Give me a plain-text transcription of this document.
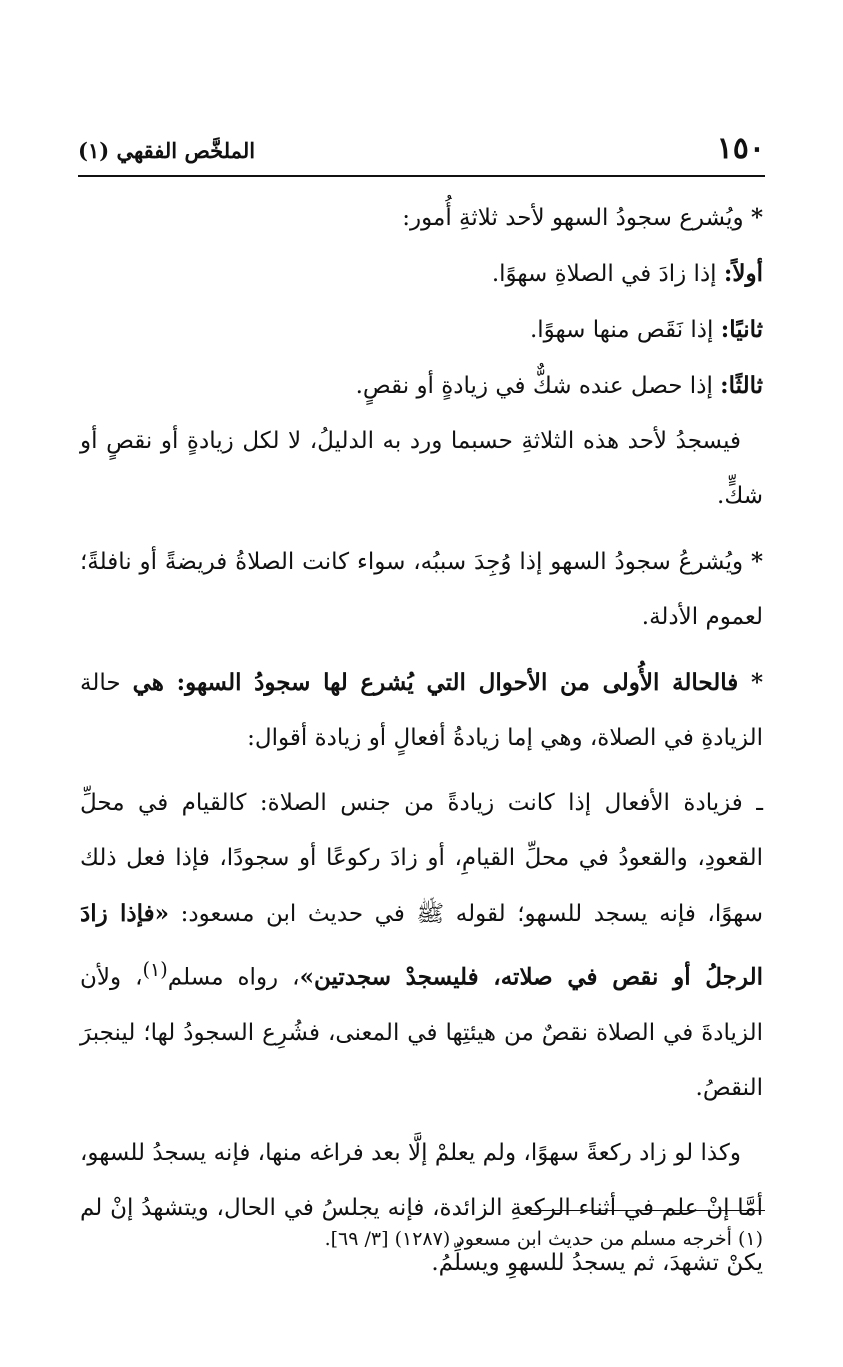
١٥٠
الملخَّص الفقهي (١)

* ويُشرع سجودُ السهو لأحد ثلاثةِ أُمور:

أولاً: إذا زادَ في الصلاةِ سهوًا.

ثانيًا: إذا نَقَص منها سهوًا.

ثالثًا: إذا حصل عنده شكٌّ في زيادةٍ أو نقصٍ.

فيسجدُ لأحد هذه الثلاثةِ حسبما ورد به الدليلُ، لا لكل زيادةٍ أو نقصٍ أو شكٍّ.

* ويُشرعُ سجودُ السهو إذا وُجِدَ سببُه، سواء كانت الصلاةُ فريضةً أو نافلةً؛ لعموم الأدلة.

* فالحالة الأُولى من الأحوال التي يُشرع لها سجودُ السهو: هي حالة الزيادةِ في الصلاة، وهي إما زيادةُ أفعالٍ أو زيادة أقوال:

ـ فزيادة الأفعال إذا كانت زيادةً من جنس الصلاة: كالقيام في محلِّ القعودِ، والقعودُ في محلِّ القيامِ، أو زادَ ركوعًا أو سجودًا، فإذا فعل ذلك سهوًا، فإنه يسجد للسهو؛ لقوله ﷺ في حديث ابن مسعود: «فإذا زادَ الرجلُ أو نقص في صلاته، فليسجدْ سجدتين»، رواه مسلم$^{(١)}$، ولأن الزيادةَ في الصلاة نقصٌ من هيئتِها في المعنى، فشُرِع السجودُ لها؛ لينجبرَ النقصُ.

وكذا لو زاد ركعةً سهوًا، ولم يعلمْ إلَّا بعد فراغه منها، فإنه يسجدُ للسهو، أمَّا إنْ علم في أثناء الركعةِ الزائدة، فإنه يجلسُ في الحال، ويتشهدُ إنْ لم يكنْ تشهدَ، ثم يسجدُ للسهوِ ويسلِّمُ.

(١) أخرجه مسلم من حديث ابن مسعود (١٢٨٧) [٣/ ٦٩].
